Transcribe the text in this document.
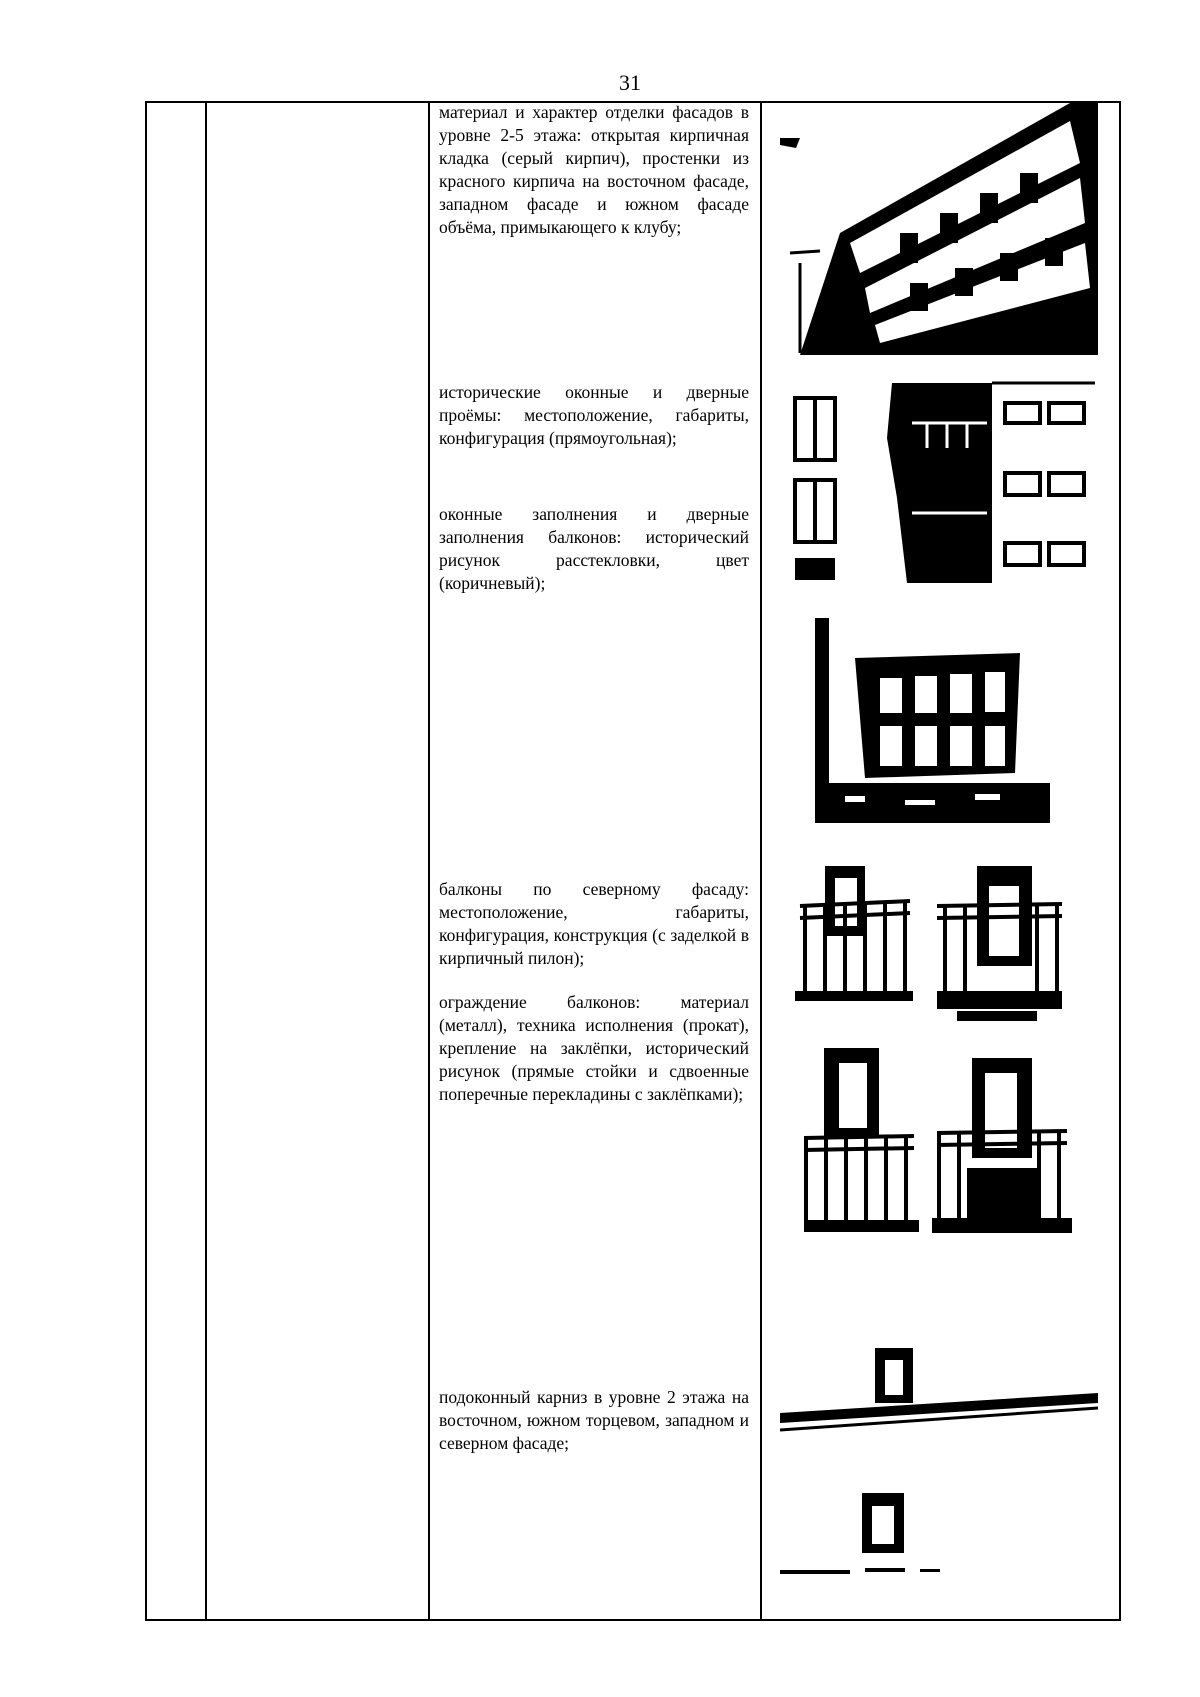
31
материал и характер отделки фасадов в уровне 2-5 этажа: открытая кирпичная кладка (серый кирпич), простенки из красного кирпича на восточном фасаде, западном фасаде и южном фасаде объёма, примыкающего к клубу;
исторические оконные и дверные проёмы: местоположение, габариты, конфигурация (прямоугольная);
оконные заполнения и дверные заполнения балконов: исторический рисунок расстекловки, цвет (коричневый);
балконы по северному фасаду: местоположение, габариты, конфигурация, конструкция (с заделкой в кирпичный пилон);
ограждение балконов: материал (металл), техника исполнения (прокат), крепление на заклёпки, исторический рисунок (прямые стойки и сдвоенные поперечные перекладины с заклёпками);
подоконный карниз в уровне 2 этажа на восточном, южном торцевом, западном и северном фасаде;
